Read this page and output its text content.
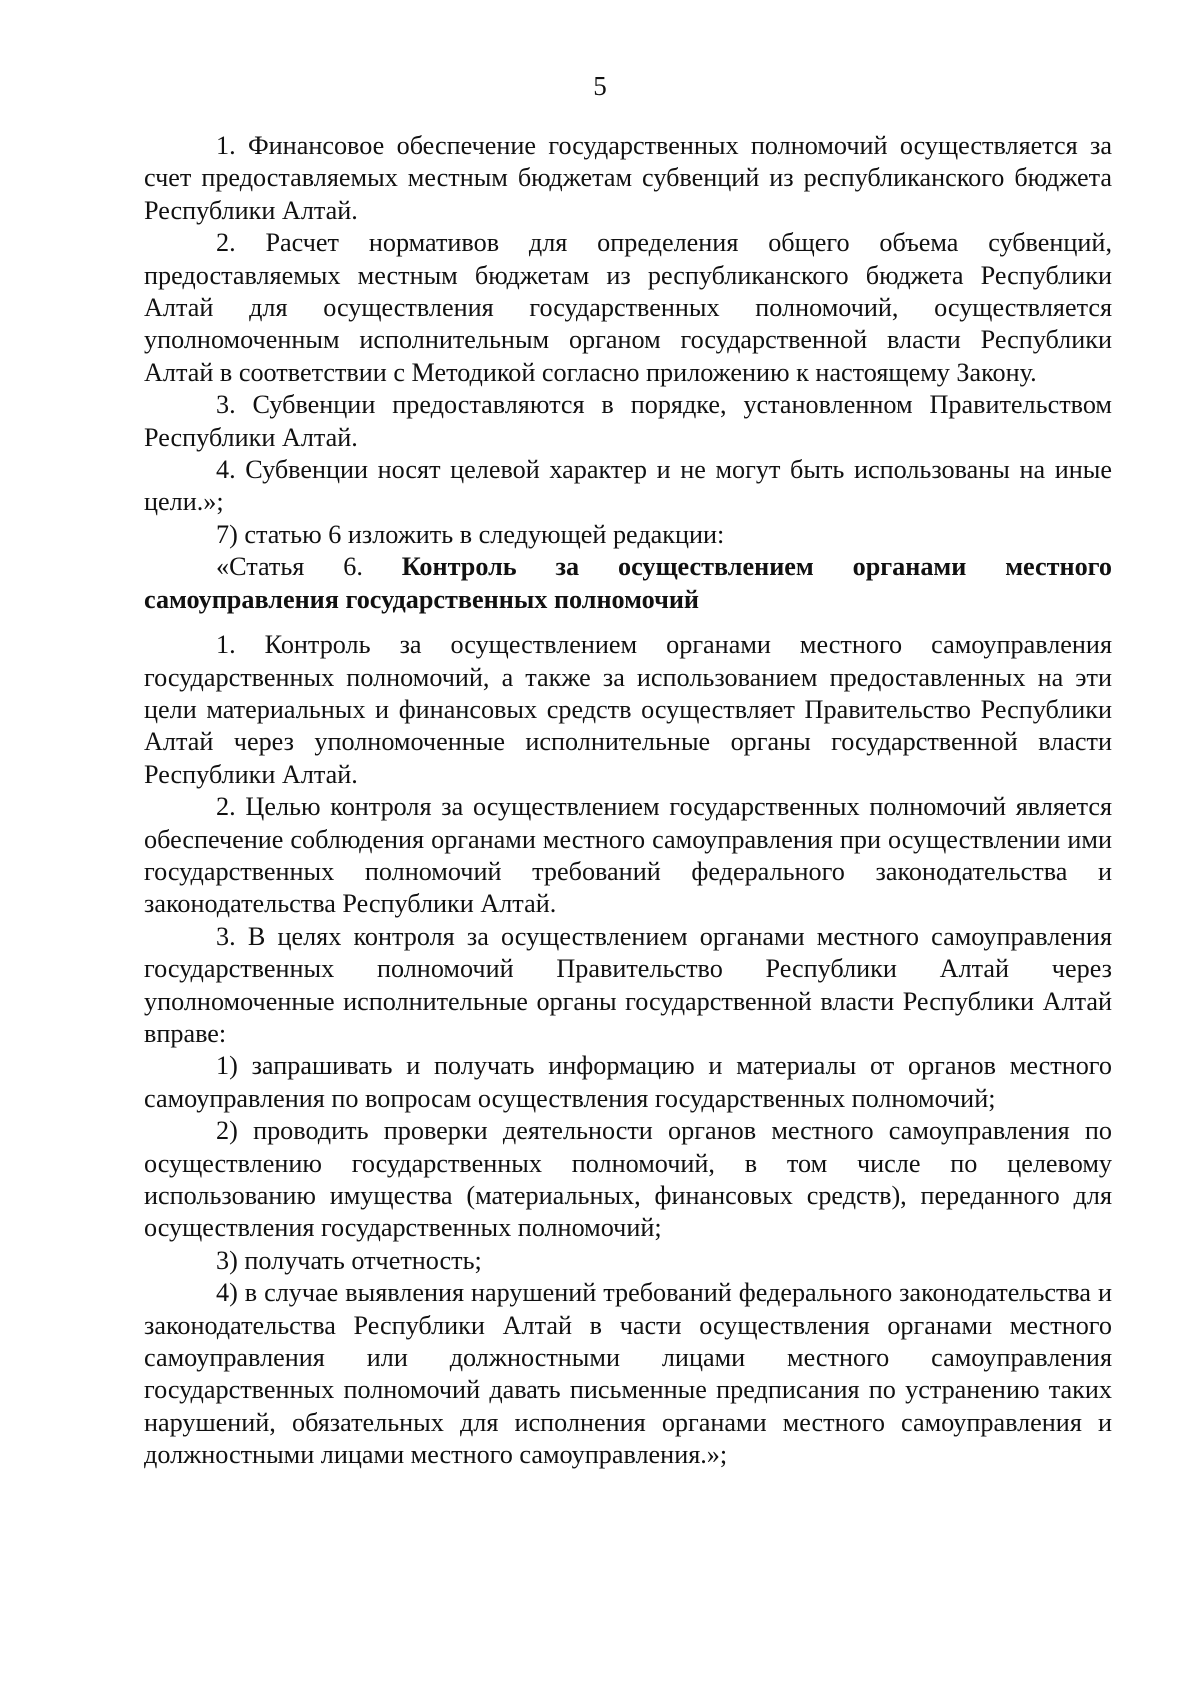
5

1. Финансовое обеспечение государственных полномочий осуществляется за счет предоставляемых местным бюджетам субвенций из республиканского бюджета Республики Алтай.

2. Расчет нормативов для определения общего объема субвенций, предоставляемых местным бюджетам из республиканского бюджета Республики Алтай для осуществления государственных полномочий, осуществляется уполномоченным исполнительным органом государственной власти Республики Алтай в соответствии с Методикой согласно приложению к настоящему Закону.

3. Субвенции предоставляются в порядке, установленном Правительством Республики Алтай.

4. Субвенции носят целевой характер и не могут быть использованы на иные цели.»;

7) статью 6 изложить в следующей редакции:

«Статья 6. Контроль за осуществлением органами местного самоуправления государственных полномочий

1. Контроль за осуществлением органами местного самоуправления государственных полномочий, а также за использованием предоставленных на эти цели материальных и финансовых средств осуществляет Правительство Республики Алтай через уполномоченные исполнительные органы государственной власти Республики Алтай.

2. Целью контроля за осуществлением государственных полномочий является обеспечение соблюдения органами местного самоуправления при осуществлении ими государственных полномочий требований федерального законодательства и законодательства Республики Алтай.

3. В целях контроля за осуществлением органами местного самоуправления государственных полномочий Правительство Республики Алтай через уполномоченные исполнительные органы государственной власти Республики Алтай вправе:

1) запрашивать и получать информацию и материалы от органов местного самоуправления по вопросам осуществления государственных полномочий;

2) проводить проверки деятельности органов местного самоуправления по осуществлению государственных полномочий, в том числе по целевому использованию имущества (материальных, финансовых средств), переданного для осуществления государственных полномочий;

3) получать отчетность;

4) в случае выявления нарушений требований федерального законодательства и законодательства Республики Алтай в части осуществления органами местного самоуправления или должностными лицами местного самоуправления государственных полномочий давать письменные предписания по устранению таких нарушений, обязательных для исполнения органами местного самоуправления и должностными лицами местного самоуправления.»;
